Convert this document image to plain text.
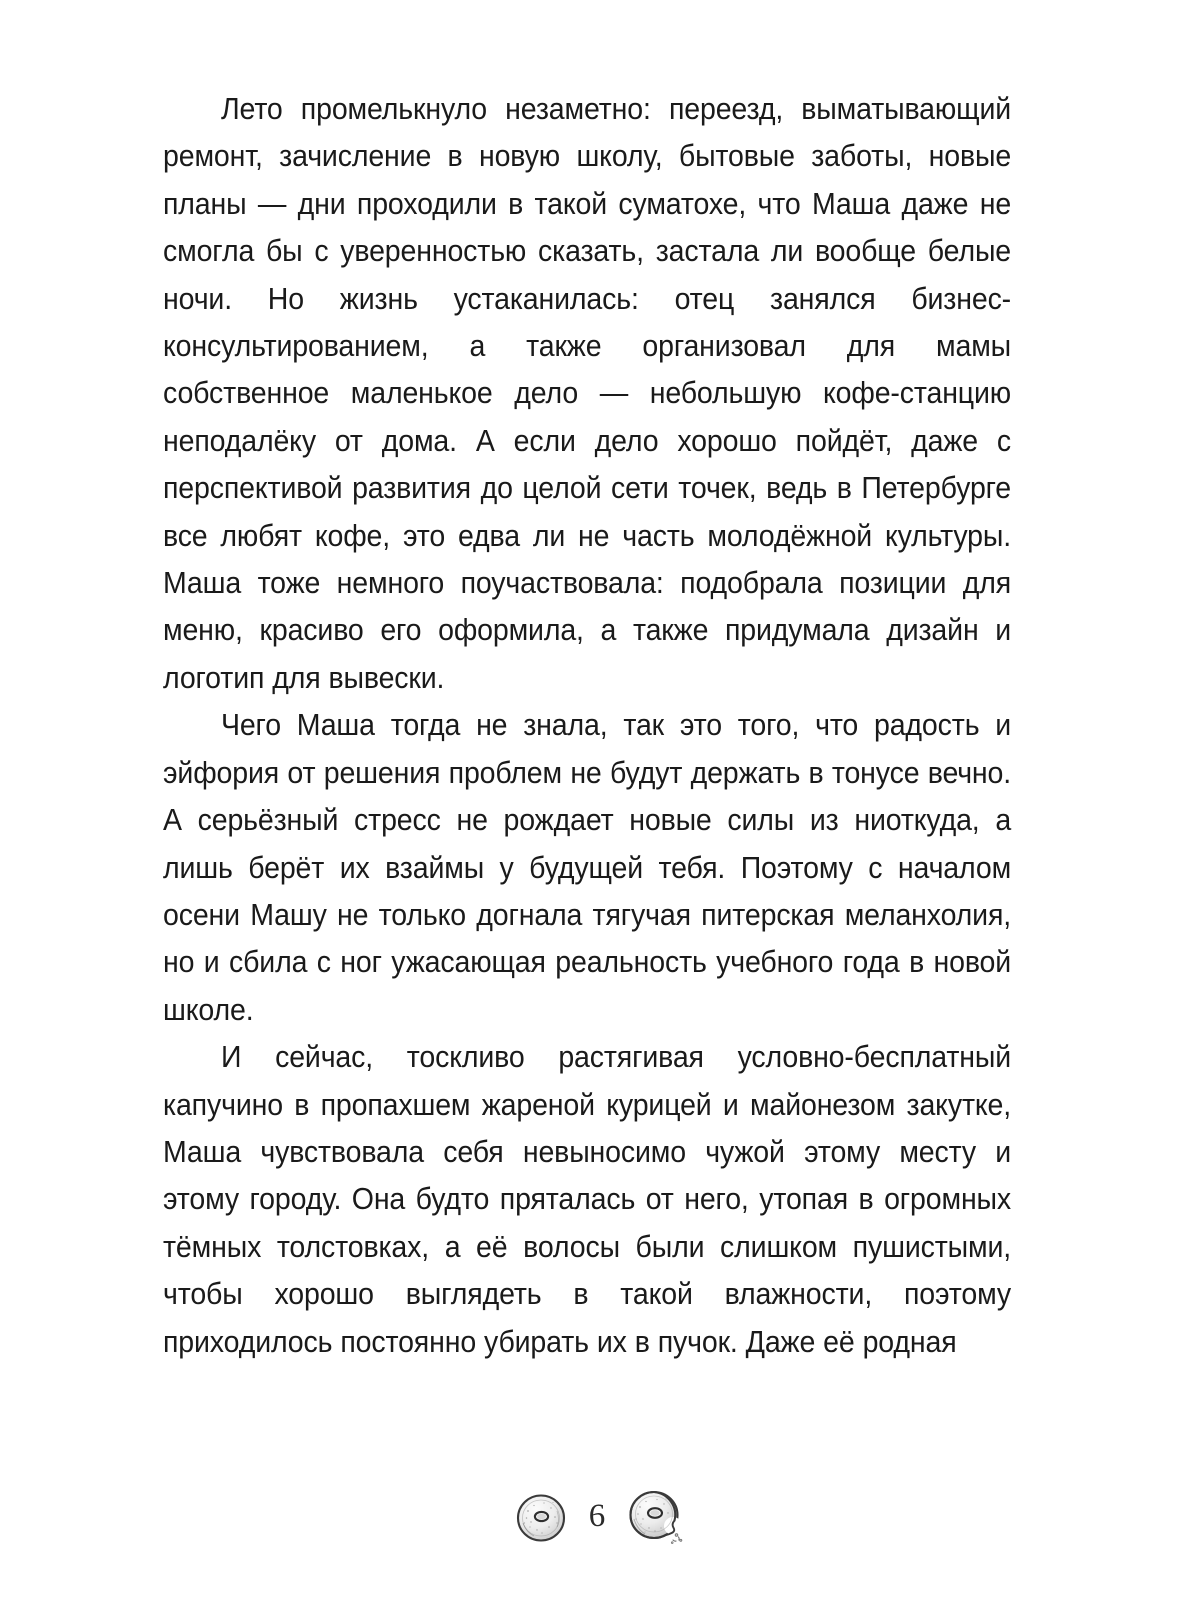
Лето промелькнуло незаметно: переезд, выматывающий ремонт, зачисление в новую школу, бытовые заботы, новые планы — дни проходили в такой суматохе, что Маша даже не смогла бы с уверенностью сказать, застала ли вообще белые ночи. Но жизнь устаканилась: отец занялся бизнес-консультированием, а также организовал для мамы собственное маленькое дело — небольшую кофе-станцию неподалёку от дома. А если дело хорошо пойдёт, даже с перспективой развития до целой сети точек, ведь в Петербурге все любят кофе, это едва ли не часть молодёжной культуры. Маша тоже немного поучаствовала: подобрала позиции для меню, красиво его оформила, а также придумала дизайн и логотип для вывески.

Чего Маша тогда не знала, так это того, что радость и эйфория от решения проблем не будут держать в тонусе вечно. А серьёзный стресс не рождает новые силы из ниоткуда, а лишь берёт их взаймы у будущей тебя. Поэтому с началом осени Машу не только догнала тягучая питерская меланхолия, но и сбила с ног ужасающая реальность учебного года в новой школе.

И сейчас, тоскливо растягивая условно-бесплатный капучино в пропахшем жареной курицей и майонезом закутке, Маша чувствовала себя невыносимо чужой этому месту и этому городу. Она будто пряталась от него, утопая в огромных тёмных толстовках, а её волосы были слишком пушистыми, чтобы хорошо выглядеть в такой влажности, поэтому приходилось постоянно убирать их в пучок. Даже её родная

6
